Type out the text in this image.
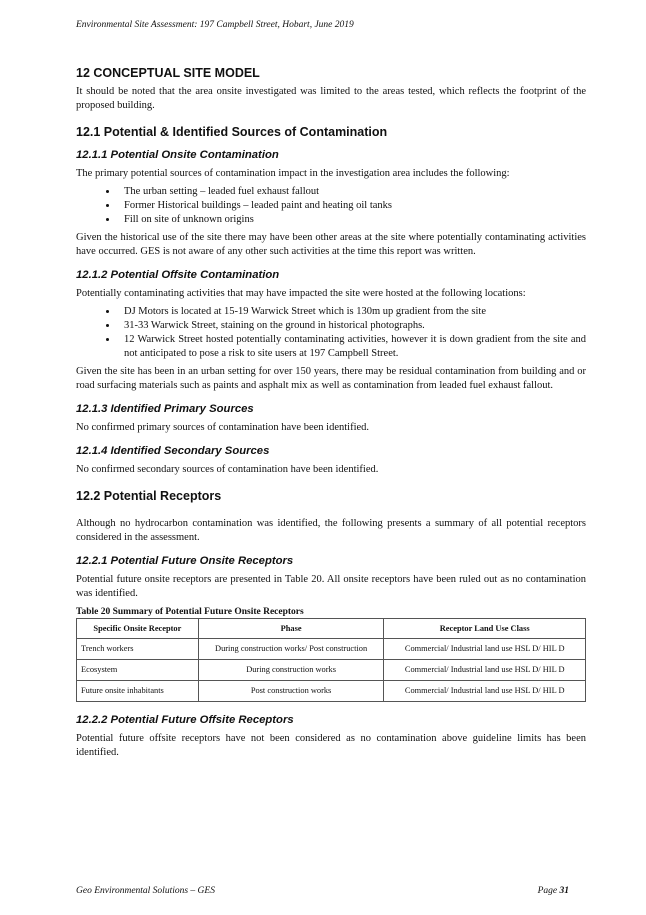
Environmental Site Assessment: 197 Campbell Street, Hobart, June 2019
12 CONCEPTUAL SITE MODEL
It should be noted that the area onsite investigated was limited to the areas tested, which reflects the footprint of the proposed building.
12.1 Potential & Identified Sources of Contamination
12.1.1 Potential Onsite Contamination
The primary potential sources of contamination impact in the investigation area includes the following:
• The urban setting – leaded fuel exhaust fallout
• Former Historical buildings – leaded paint and heating oil tanks
• Fill on site of unknown origins
Given the historical use of the site there may have been other areas at the site where potentially contaminating activities have occurred. GES is not aware of any other such activities at the time this report was written.
12.1.2 Potential Offsite Contamination
Potentially contaminating activities that may have impacted the site were hosted at the following locations:
• DJ Motors is located at 15-19 Warwick Street which is 130m up gradient from the site
• 31-33 Warwick Street, staining on the ground in historical photographs.
• 12 Warwick Street hosted potentially contaminating activities, however it is down gradient from the site and not anticipated to pose a risk to site users at 197 Campbell Street.
Given the site has been in an urban setting for over 150 years, there may be residual contamination from building and or road surfacing materials such as paints and asphalt mix as well as contamination from leaded fuel exhaust fallout.
12.1.3 Identified Primary Sources
No confirmed primary sources of contamination have been identified.
12.1.4 Identified Secondary Sources
No confirmed secondary sources of contamination have been identified.
12.2 Potential Receptors
Although no hydrocarbon contamination was identified, the following presents a summary of all potential receptors considered in the assessment.
12.2.1 Potential Future Onsite Receptors
Potential future onsite receptors are presented in Table 20. All onsite receptors have been ruled out as no contamination was identified.
Table 20 Summary of Potential Future Onsite Receptors
Specific Onsite Receptor	Phase	Receptor Land Use Class
Trench workers	During construction works/ Post construction	Commercial/ Industrial land use HSL D/ HIL D
Ecosystem	During construction works	Commercial/ Industrial land use HSL D/ HIL D
Future onsite inhabitants	Post construction works	Commercial/ Industrial land use HSL D/ HIL D
12.2.2 Potential Future Offsite Receptors
Potential future offsite receptors have not been considered as no contamination above guideline limits has been identified.
Geo Environmental Solutions – GES	Page 31
